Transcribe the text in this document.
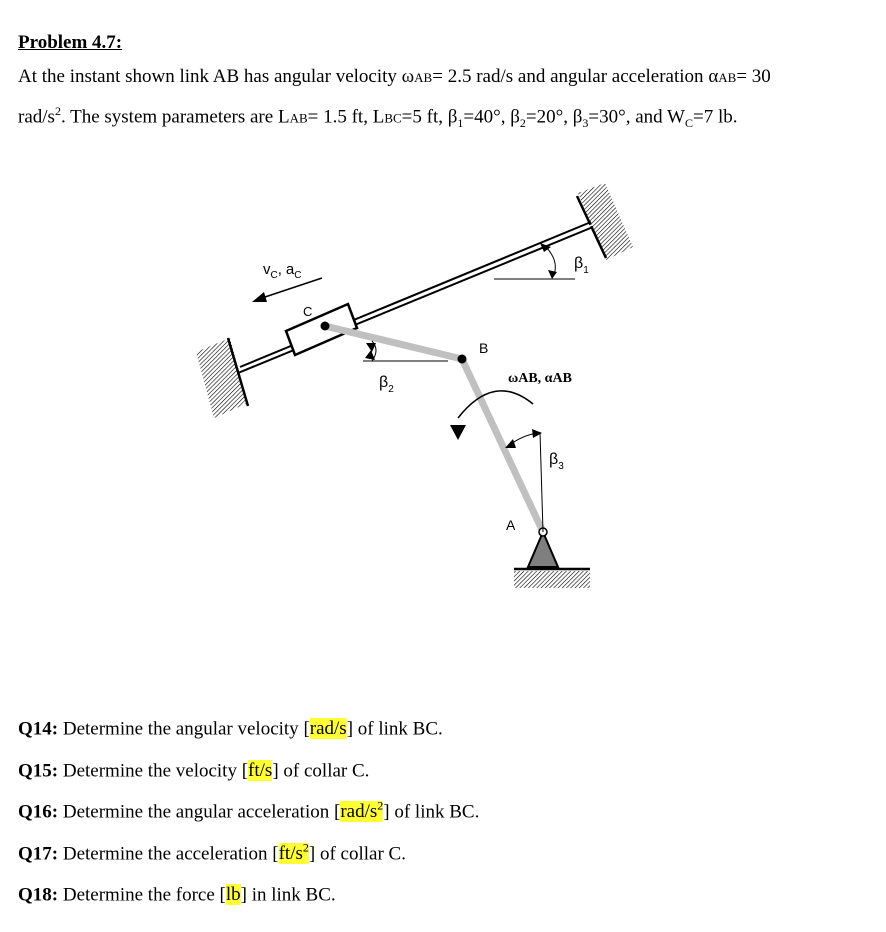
Problem 4.7:
At the instant shown link AB has angular velocity ωAB= 2.5 rad/s and angular acceleration αAB= 30
rad/$s^2$. The system parameters are LAB= 1.5 ft, LBC=5 ft, $\beta_1=40^\circ$, $\beta_2=20^\circ$, $\beta_3=30^\circ$, and $W_C=7$ lb.
$v_C$, $a_C$
C
B
A
ωAB, αAB
$\beta_1$
$\beta_2$
$\beta_3$
Q14: Determine the angular velocity [rad/s] of link BC.
Q15: Determine the velocity [ft/s] of collar C.
Q16: Determine the angular acceleration $[rad/s^2]$ of link BC.
Q17: Determine the acceleration $[ft/s^2]$ of collar C.
Q18: Determine the force [lb] in link BC.
